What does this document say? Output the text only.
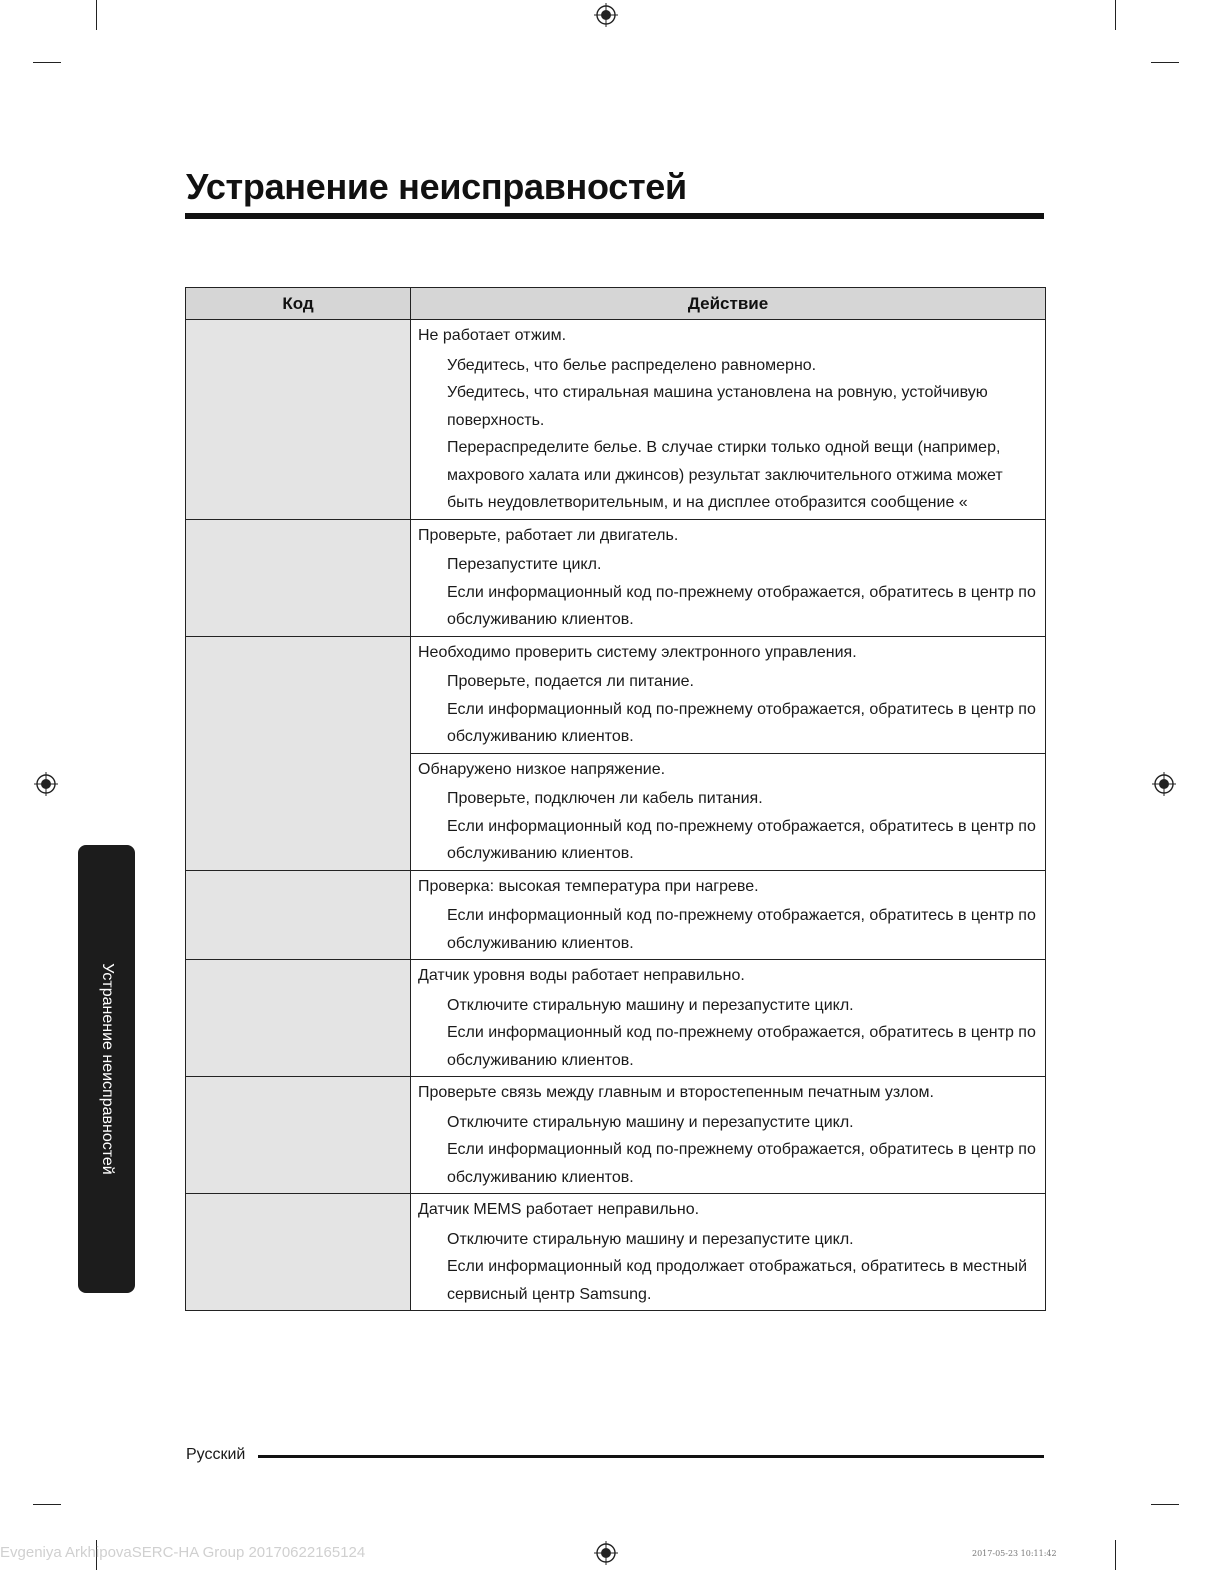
Устранение неисправностей
Код	Действие

	Не работает отжим.
Убедитесь, что белье распределено равномерно.
Убедитесь, что стиральная машина установлена на ровную, устойчивую поверхность.
Перераспределите белье. В случае стирки только одной вещи (например, махрового халата или джинсов) результат заключительного отжима может быть неудовлетворительным, и на дисплее отобразится сообщение «

	Проверьте, работает ли двигатель.
Перезапустите цикл.
Если информационный код по-прежнему отображается, обратитесь в центр по обслуживанию клиентов.

	Необходимо проверить систему электронного управления.
Проверьте, подается ли питание.
Если информационный код по-прежнему отображается, обратитесь в центр по обслуживанию клиентов.

	Обнаружено низкое напряжение.
Проверьте, подключен ли кабель питания.
Если информационный код по-прежнему отображается, обратитесь в центр по обслуживанию клиентов.

	Проверка: высокая температура при нагреве.
Если информационный код по-прежнему отображается, обратитесь в центр по обслуживанию клиентов.

	Датчик уровня воды работает неправильно.
Отключите стиральную машину и перезапустите цикл.
Если информационный код по-прежнему отображается, обратитесь в центр по обслуживанию клиентов.

	Проверьте связь между главным и второстепенным печатным узлом.
Отключите стиральную машину и перезапустите цикл.
Если информационный код по-прежнему отображается, обратитесь в центр по обслуживанию клиентов.

	Датчик MEMS работает неправильно.
Отключите стиральную машину и перезапустите цикл.
Если информационный код продолжает отображаться, обратитесь в местный сервисный центр Samsung.
Устранение неисправностей
Русский
Evgeniya ArkhipovaSERC-HA Group 20170622165124	2017-05-23 10:11:42
